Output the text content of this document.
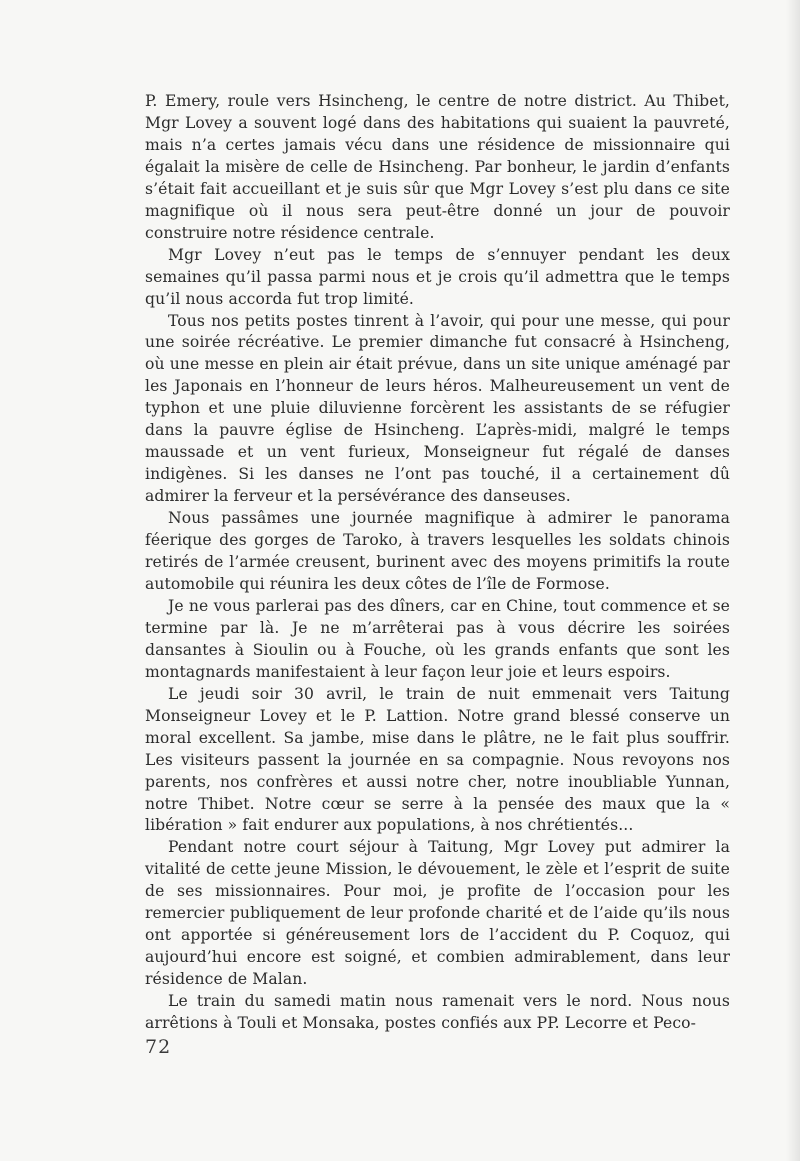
P. Emery, roule vers Hsincheng, le centre de notre district. Au Thibet, Mgr Lovey a souvent logé dans des habitations qui suaient la pauvreté, mais n’a certes jamais vécu dans une résidence de missionnaire qui égalait la misère de celle de Hsincheng. Par bonheur, le jardin d’enfants s’était fait accueillant et je suis sûr que Mgr Lovey s’est plu dans ce site magnifique où il nous sera peut-être donné un jour de pouvoir construire notre résidence centrale.

Mgr Lovey n’eut pas le temps de s’ennuyer pendant les deux semaines qu’il passa parmi nous et je crois qu’il admettra que le temps qu’il nous accorda fut trop limité.

Tous nos petits postes tinrent à l’avoir, qui pour une messe, qui pour une soirée récréative. Le premier dimanche fut consacré à Hsincheng, où une messe en plein air était prévue, dans un site unique aménagé par les Japonais en l’honneur de leurs héros. Malheureusement un vent de typhon et une pluie diluvienne forcèrent les assistants de se réfugier dans la pauvre église de Hsincheng. L’après-midi, malgré le temps maussade et un vent furieux, Monseigneur fut régalé de danses indigènes. Si les danses ne l’ont pas touché, il a certainement dû admirer la ferveur et la persévérance des danseuses.

Nous passâmes une journée magnifique à admirer le panorama féerique des gorges de Taroko, à travers lesquelles les soldats chinois retirés de l’armée creusent, burinent avec des moyens primitifs la route automobile qui réunira les deux côtes de l’île de Formose.

Je ne vous parlerai pas des dîners, car en Chine, tout commence et se termine par là. Je ne m’arrêterai pas à vous décrire les soirées dansantes à Sioulin ou à Fouche, où les grands enfants que sont les montagnards manifestaient à leur façon leur joie et leurs espoirs.

Le jeudi soir 30 avril, le train de nuit emmenait vers Taitung Monseigneur Lovey et le P. Lattion. Notre grand blessé conserve un moral excellent. Sa jambe, mise dans le plâtre, ne le fait plus souffrir. Les visiteurs passent la journée en sa compagnie. Nous revoyons nos parents, nos confrères et aussi notre cher, notre inoubliable Yunnan, notre Thibet. Notre cœur se serre à la pensée des maux que la « libération » fait endurer aux populations, à nos chrétientés...

Pendant notre court séjour à Taitung, Mgr Lovey put admirer la vitalité de cette jeune Mission, le dévouement, le zèle et l’esprit de suite de ses missionnaires. Pour moi, je profite de l’occasion pour les remercier publiquement de leur profonde charité et de l’aide qu’ils nous ont apportée si généreusement lors de l’accident du P. Coquoz, qui aujourd’hui encore est soigné, et combien admirablement, dans leur résidence de Malan.

Le train du samedi matin nous ramenait vers le nord. Nous nous arrêtions à Touli et Monsaka, postes confiés aux PP. Lecorre et Peco-

72
